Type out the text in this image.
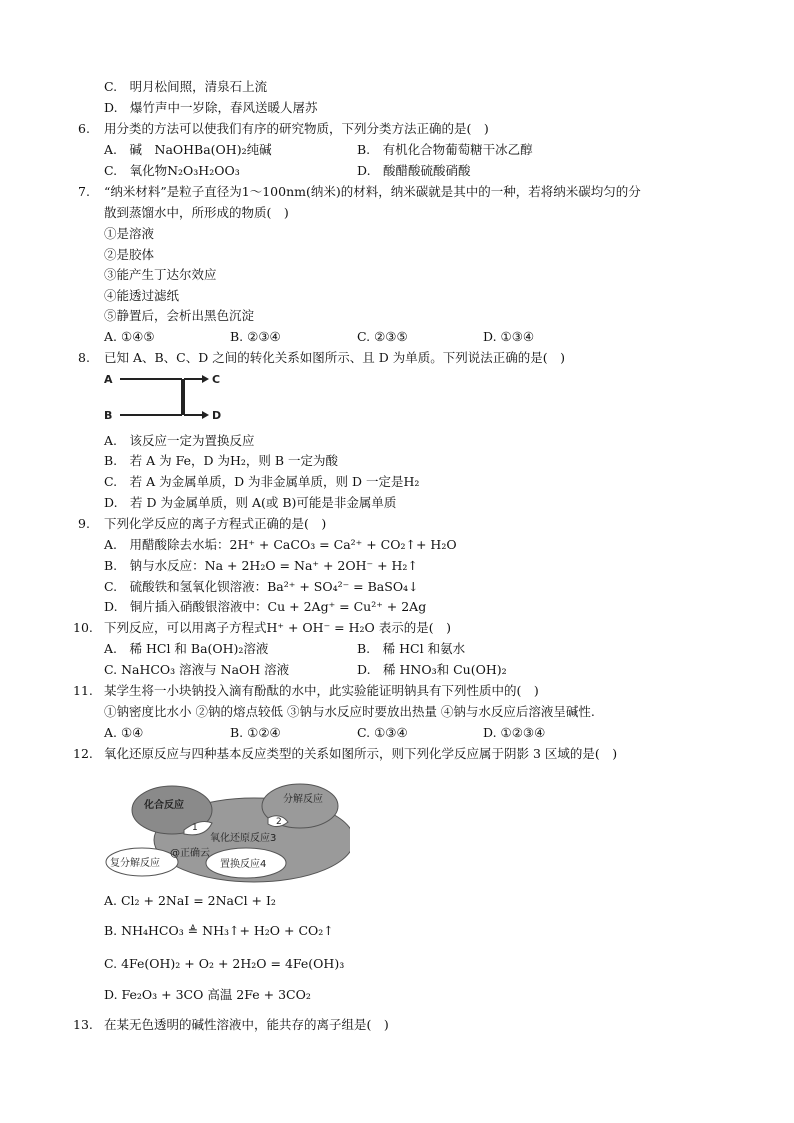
C.　明月松间照，清泉石上流
D.　爆竹声中一岁除，春风送暖人屠苏
6. 用分类的方法可以使我们有序的研究物质，下列分类方法正确的是(　)
A.　碱　NaOHBa(OH)₂纯碱	B.　有机化合物葡萄糖干冰乙醇
C.　氧化物N₂O₃H₂OO₃	D.　酸醋酸硫酸硝酸
7. “纳米材料”是粒子直径为1～100nm(纳米)的材料，纳米碳就是其中的一种，若将纳米碳均匀的分
散到蒸馏水中，所形成的物质(　)
①是溶液
②是胶体
③能产生丁达尔效应
④能透过滤纸
⑤静置后，会析出黑色沉淀
A. ①④⑤	B. ②③④	C. ②③⑤	D. ①③④
8. 已知 A、B、C、D 之间的转化关系如图所示、且 D 为单质。下列说法正确的是(　)
A
B
C
D
A.　该反应一定为置换反应
B.　若 A 为 Fe，D 为H₂，则 B 一定为酸
C.　若 A 为金属单质，D 为非金属单质，则 D 一定是H₂
D.　若 D 为金属单质，则 A(或 B)可能是非金属单质
9. 下列化学反应的离子方程式正确的是(　)
A.　用醋酸除去水垢：2H⁺ + CaCO₃ = Ca²⁺ + CO₂↑+ H₂O
B.　钠与水反应：Na + 2H₂O = Na⁺ + 2OH⁻ + H₂↑
C.　硫酸铁和氢氧化钡溶液：Ba²⁺ + SO₄²⁻ = BaSO₄↓
D.　铜片插入硝酸银溶液中：Cu + 2Ag⁺ = Cu²⁺ + 2Ag
10. 下列反应，可以用离子方程式H⁺ + OH⁻ = H₂O 表示的是(　)
A.　稀 HCl 和 Ba(OH)₂溶液	B.　稀 HCl 和氨水
C. NaHCO₃ 溶液与 NaOH 溶液	D.　稀 HNO₃和 Cu(OH)₂
11. 某学生将一小块钠投入滴有酚酞的水中，此实验能证明钠具有下列性质中的(　)
①钠密度比水小 ②钠的熔点较低 ③钠与水反应时要放出热量 ④钠与水反应后溶液呈碱性.
A. ①④	B. ①②④	C. ①③④	D. ①②③④
12. 氧化还原反应与四种基本反应类型的关系如图所示，则下列化学反应属于阴影 3 区域的是(　)
化合反应
分解反应
氧化还原反应3
复分解反应	置换反应4
1
2
@正确云
A. Cl₂ + 2NaI = 2NaCl + I₂
B. NH₄HCO₃ ≜ NH₃↑+ H₂O + CO₂↑
C. 4Fe(OH)₂ + O₂ + 2H₂O = 4Fe(OH)₃
D. Fe₂O₃ + 3CO 高温 2Fe + 3CO₂
13. 在某无色透明的碱性溶液中，能共存的离子组是(　)
